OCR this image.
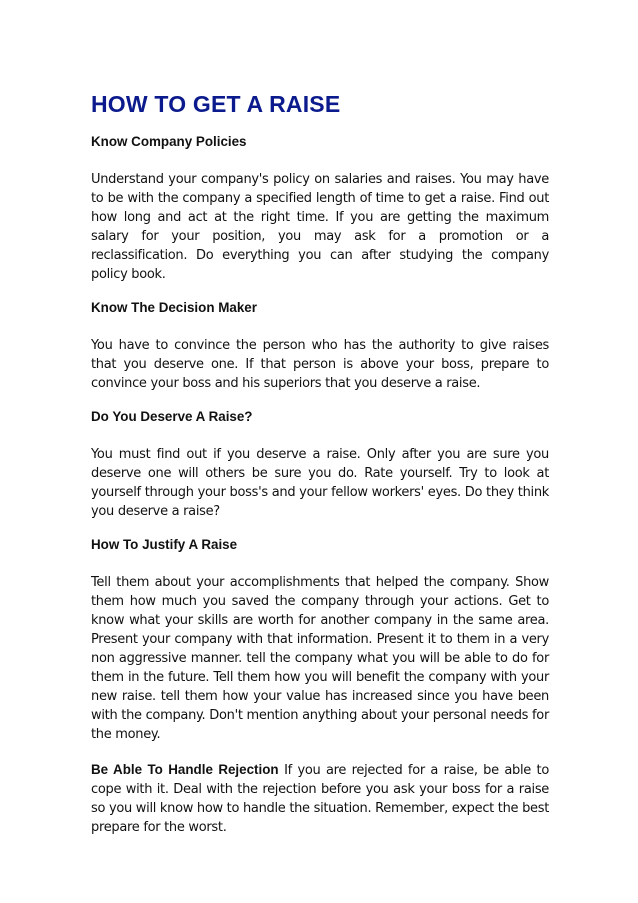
HOW TO GET A RAISE
Know Company Policies

Understand your company's policy on salaries and raises. You may have to be with the company a specified length of time to get a raise. Find out how long and act at the right time. If you are getting the maximum salary for your position, you may ask for a promotion or a reclassification. Do everything you can after studying the company policy book.

Know The Decision Maker

You have to convince the person who has the authority to give raises that you deserve one. If that person is above your boss, prepare to convince your boss and his superiors that you deserve a raise.

Do You Deserve A Raise?

You must find out if you deserve a raise. Only after you are sure you deserve one will others be sure you do. Rate yourself. Try to look at yourself through your boss's and your fellow workers' eyes. Do they think you deserve a raise?

How To Justify A Raise

Tell them about your accomplishments that helped the company. Show them how much you saved the company through your actions. Get to know what your skills are worth for another company in the same area. Present your company with that information. Present it to them in a very non aggressive manner. tell the company what you will be able to do for them in the future. Tell them how you will benefit the company with your new raise. tell them how your value has increased since you have been with the company. Don't mention anything about your personal needs for the money.

Be Able To Handle Rejection If you are rejected for a raise, be able to cope with it. Deal with the rejection before you ask your boss for a raise so you will know how to handle the situation. Remember, expect the best prepare for the worst.
